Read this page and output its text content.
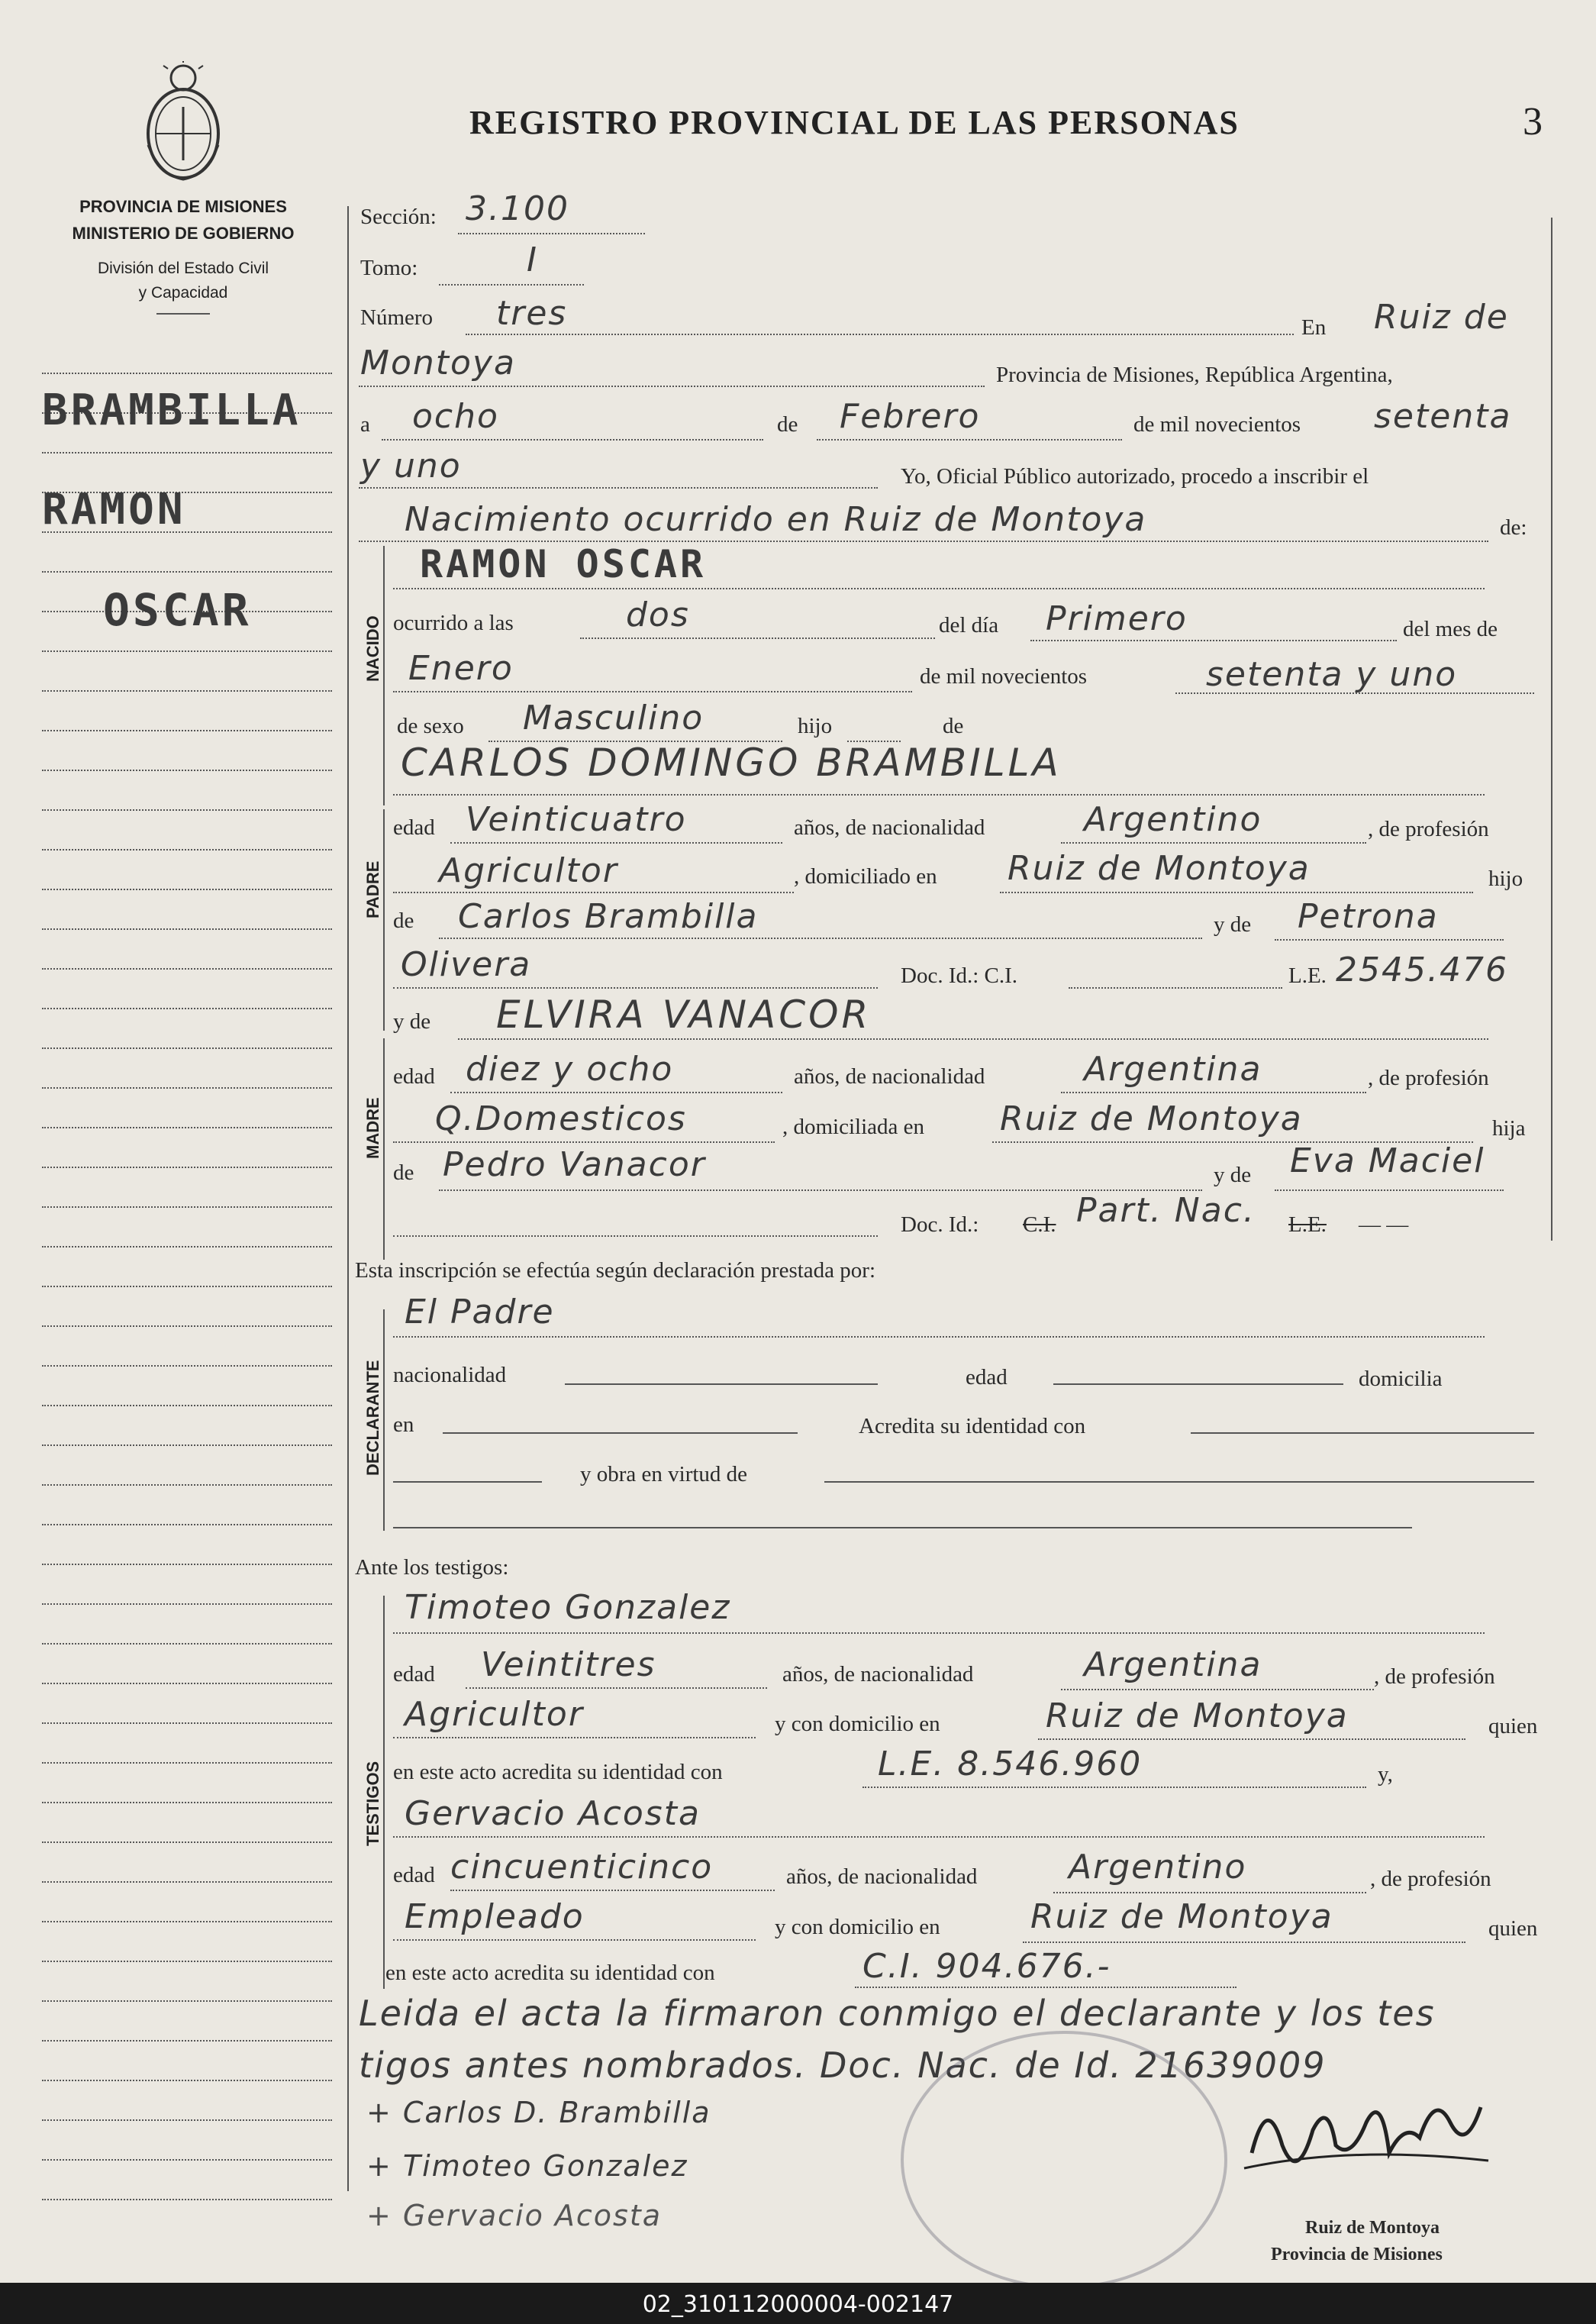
PROVINCIA DE MISIONES
MINISTERIO DE GOBIERNO
División del Estado Civil
y Capacidad
REGISTRO PROVINCIAL DE LAS PERSONAS	3
BRAMBILLA
RAMON
OSCAR
Sección: 3.100
Tomo:	I
Número tres	En Ruiz de
Montoya	Provincia de Misiones, República Argentina,
a ocho	de Febrero	de mil novecientos setenta
y uno	Yo, Oficial Público autorizado, procedo a inscribir el
Nacimiento ocurrido en Ruiz de Montoya	de:
NACIDO
RAMON OSCAR
ocurrido a las	dos	del día Primero	del mes de
Enero	de mil novecientos	setenta y uno
de sexo Masculino	hijo	de
PADRE
CARLOS DOMINGO BRAMBILLA
edad Veinticuatro	años, de nacionalidad	Argentino	, de profesión
Agricultor	, domiciliado en Ruiz de Montoya	hijo
de Carlos Brambilla	y de Petrona
Olivera	Doc. Id.: C.I.	L.E. 2545.476
y de ELVIRA VANACOR
MADRE
edad diez y ocho	años, de nacionalidad	Argentina	, de profesión
Q.Domesticos	, domiciliada en Ruiz de Montoya	hija
de Pedro Vanacor	y de Eva Maciel
Doc. Id.: C.I. Part. Nac. L.E. — —
Esta inscripción se efectúa según declaración prestada por:
El Padre
DECLARANTE nacionalidad	edad	domicilia
en	Acredita su identidad con
y obra en virtud de
Ante los testigos:
TESTIGOS
Timoteo Gonzalez
edad Veintitres	años, de nacionalidad	Argentina	, de profesión
Agricultor	y con domicilio en	Ruiz de Montoya	quien
en este acto acredita su identidad con	L.E. 8.546.960	y,
Gervacio Acosta
edad cincuenticinco	años, de nacionalidad	Argentino	, de profesión
Empleado	y con domicilio en	Ruiz de Montoya	quien
en este acto acredita su identidad con	C.I. 904.676.-
Leida el acta la firmaron conmigo el declarante y los tes
tigos antes nombrados. Doc. Nac. de Id. 21639009
+ Carlos D. Brambilla
+ Timoteo Gonzalez
+ Gervacio Acosta	Ruiz de Montoya
Provincia de Misiones
02_310112000004-002147
